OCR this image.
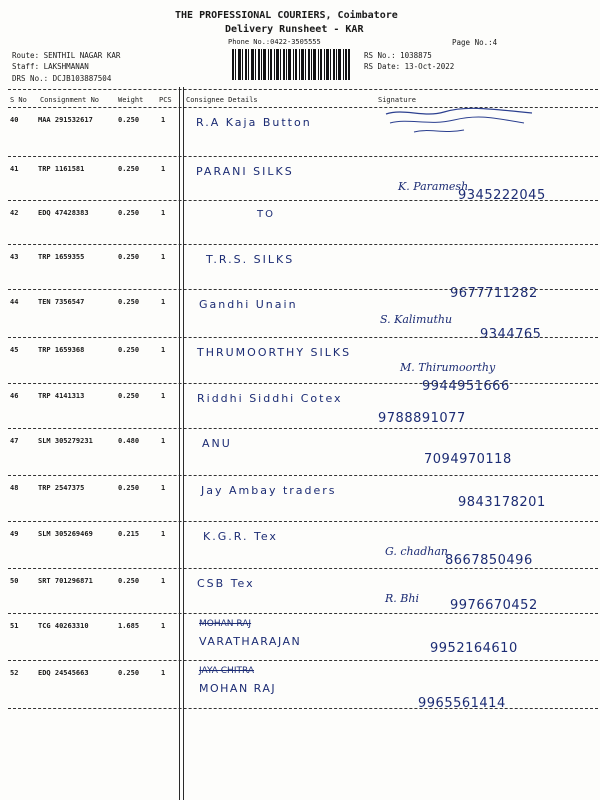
THE PROFESSIONAL COURIERS, Coimbatore
Delivery Runsheet - KAR
Phone No.:0422-3505555	Page No.:4
Route: SENTHIL NAGAR KAR
Staff: LAKSHMANAN
DRS No.: DCJB103887504
RS No.: 1038875
RS Date: 13-Oct-2022
S No Consignment No	Weight PCS Consignee Details	Signature
40	MAA 291532617	0.250	1	R.A Kaja Button
41	TRP 1161581	0.250	1	PARANI SILKS
K. Paramesh
9345222045
42	EDQ 47428383	0.250	1	TO
43	TRP 1659355	0.250	1	T.R.S. SILKS
9677711282
44	TEN 7356547	0.250	1	Gandhi Unain
S. Kalimuthu
9344765
45	TRP 1659368	0.250	1	THRUMOORTHY SILKS
M. Thirumoorthy
9944951666
46	TRP 4141313	0.250	1	Riddhi Siddhi Cotex
9788891077
47	SLM 305279231	0.480	1	ANU
7094970118
48	TRP 2547375	0.250	1	Jay Ambay traders
9843178201
49	SLM 305269469	0.215	1	K.G.R. Tex
G. chadhan
8667850496
50	SRT 701296871	0.250	1	CSB Tex
R. Bhi 9976670452
51	TCG 40263310	1.685	1	MOHAN RAJ
VARATHARAJAN	9952164610
52	EDQ 24545663	0.250	1	JAYA CHITRA
MOHAN RAJ
9965561414
